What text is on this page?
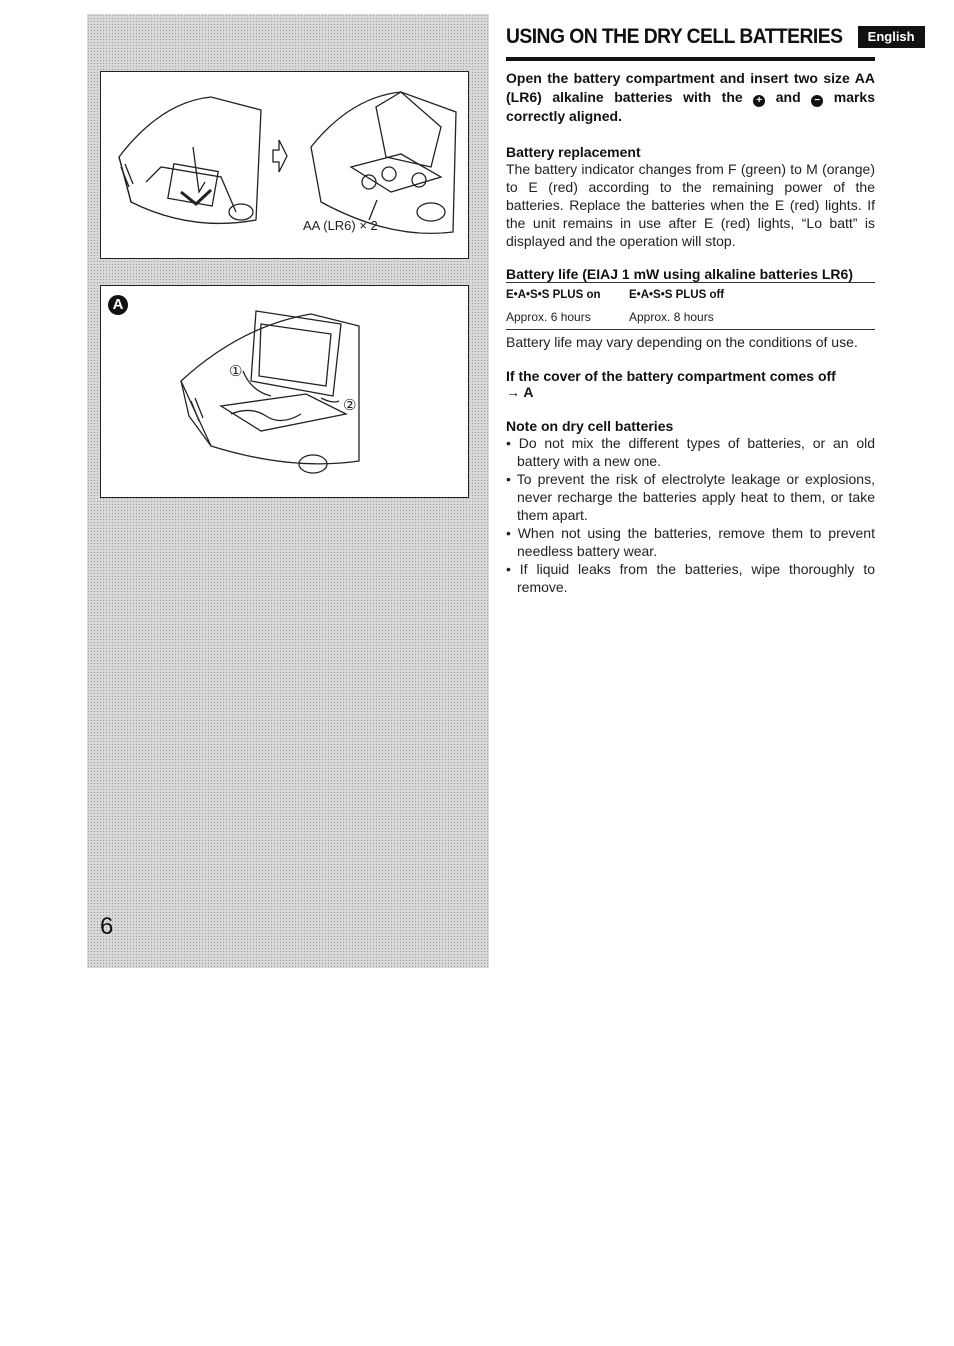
AA (LR6) × 2
①
②
A
6
USING ON THE DRY CELL BATTERIES	English
Open the battery compartment and insert two size AA (LR6) alkaline batteries with the + and − marks correctly aligned.
Battery replacement
The battery indicator changes from F (green) to M (orange) to E (red) according to the remaining power of the batteries. Replace the batteries when the E (red) lights. If the unit remains in use after E (red) lights, “Lo batt” is displayed and the operation will stop.
Battery life (EIAJ 1 mW using alkaline batteries LR6)
E•A•S•S PLUS on	E•A•S•S PLUS off
Approx. 6 hours	Approx. 8 hours
Battery life may vary depending on the conditions of use.
If the cover of the battery compartment comes off
→ A
Note on dry cell batteries
• Do not mix the different types of batteries, or an old battery with a new one.
• To prevent the risk of electrolyte leakage or explosions, never recharge the batteries apply heat to them, or take them apart.
• When not using the batteries, remove them to prevent needless battery wear.
• If liquid leaks from the batteries, wipe thoroughly to remove.
